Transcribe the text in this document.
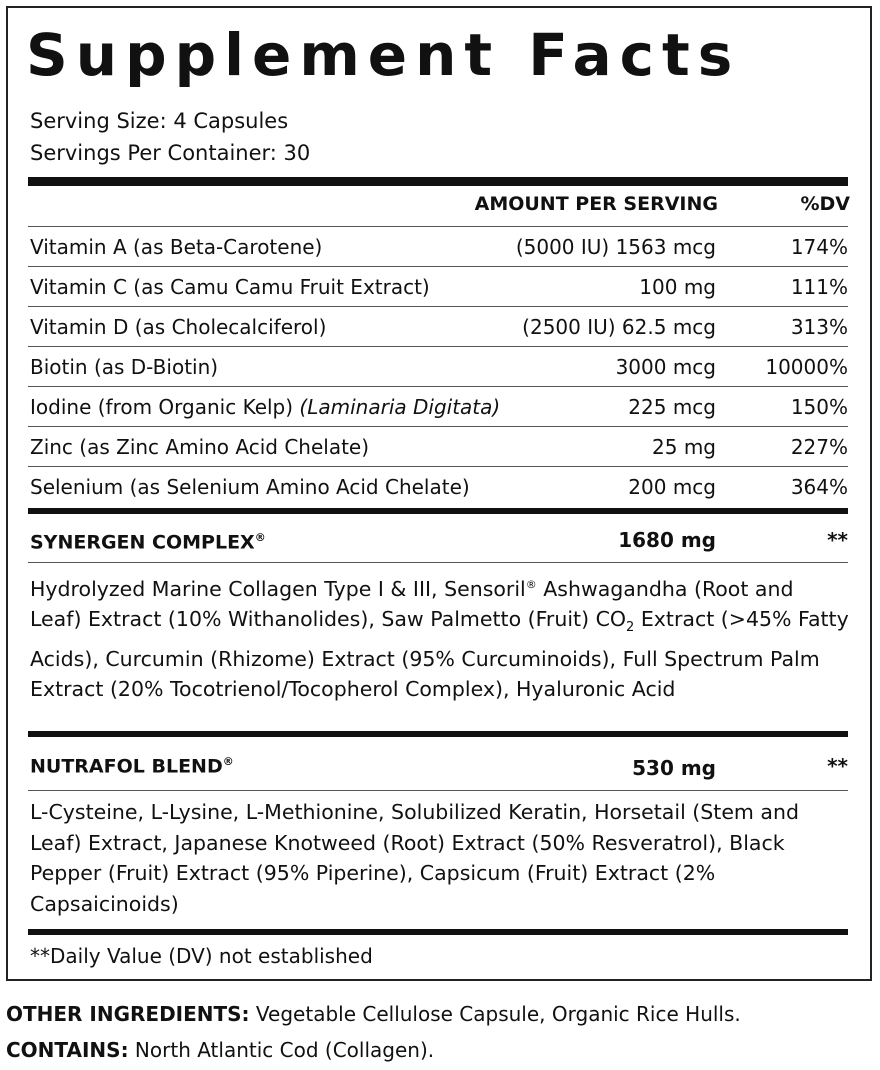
Supplement Facts
Serving Size: 4 Capsules
Servings Per Container: 30
AMOUNT PER SERVING	%DV
Vitamin A (as Beta-Carotene)	(5000 IU) 1563 mcg	174%
Vitamin C (as Camu Camu Fruit Extract)	100 mg	111%
Vitamin D (as Cholecalciferol)	(2500 IU) 62.5 mcg	313%
Biotin (as D-Biotin)	3000 mcg 10000%
Iodine (from Organic Kelp) (Laminaria Digitata)	225 mcg	150%
Zinc (as Zinc Amino Acid Chelate)	25 mg	227%
Selenium (as Selenium Amino Acid Chelate)	200 mcg	364%
SYNERGEN COMPLEX®	1680 mg	**
Hydrolyzed Marine Collagen Type I & III, Sensoril® Ashwagandha (Root and Leaf) Extract (10% Withanolides), Saw Palmetto (Fruit) $CO_2$ Extract (>45% Fatty Acids), Curcumin (Rhizome) Extract (95% Curcuminoids), Full Spectrum Palm Extract (20% Tocotrienol/Tocopherol Complex), Hyaluronic Acid
NUTRAFOL BLEND®	530 mg	**
L-Cysteine, L-Lysine, L-Methionine, Solubilized Keratin, Horsetail (Stem and Leaf) Extract, Japanese Knotweed (Root) Extract (50% Resveratrol), Black Pepper (Fruit) Extract (95% Piperine), Capsicum (Fruit) Extract (2% Capsaicinoids)
**Daily Value (DV) not established
OTHER INGREDIENTS: Vegetable Cellulose Capsule, Organic Rice Hulls.
CONTAINS: North Atlantic Cod (Collagen).
